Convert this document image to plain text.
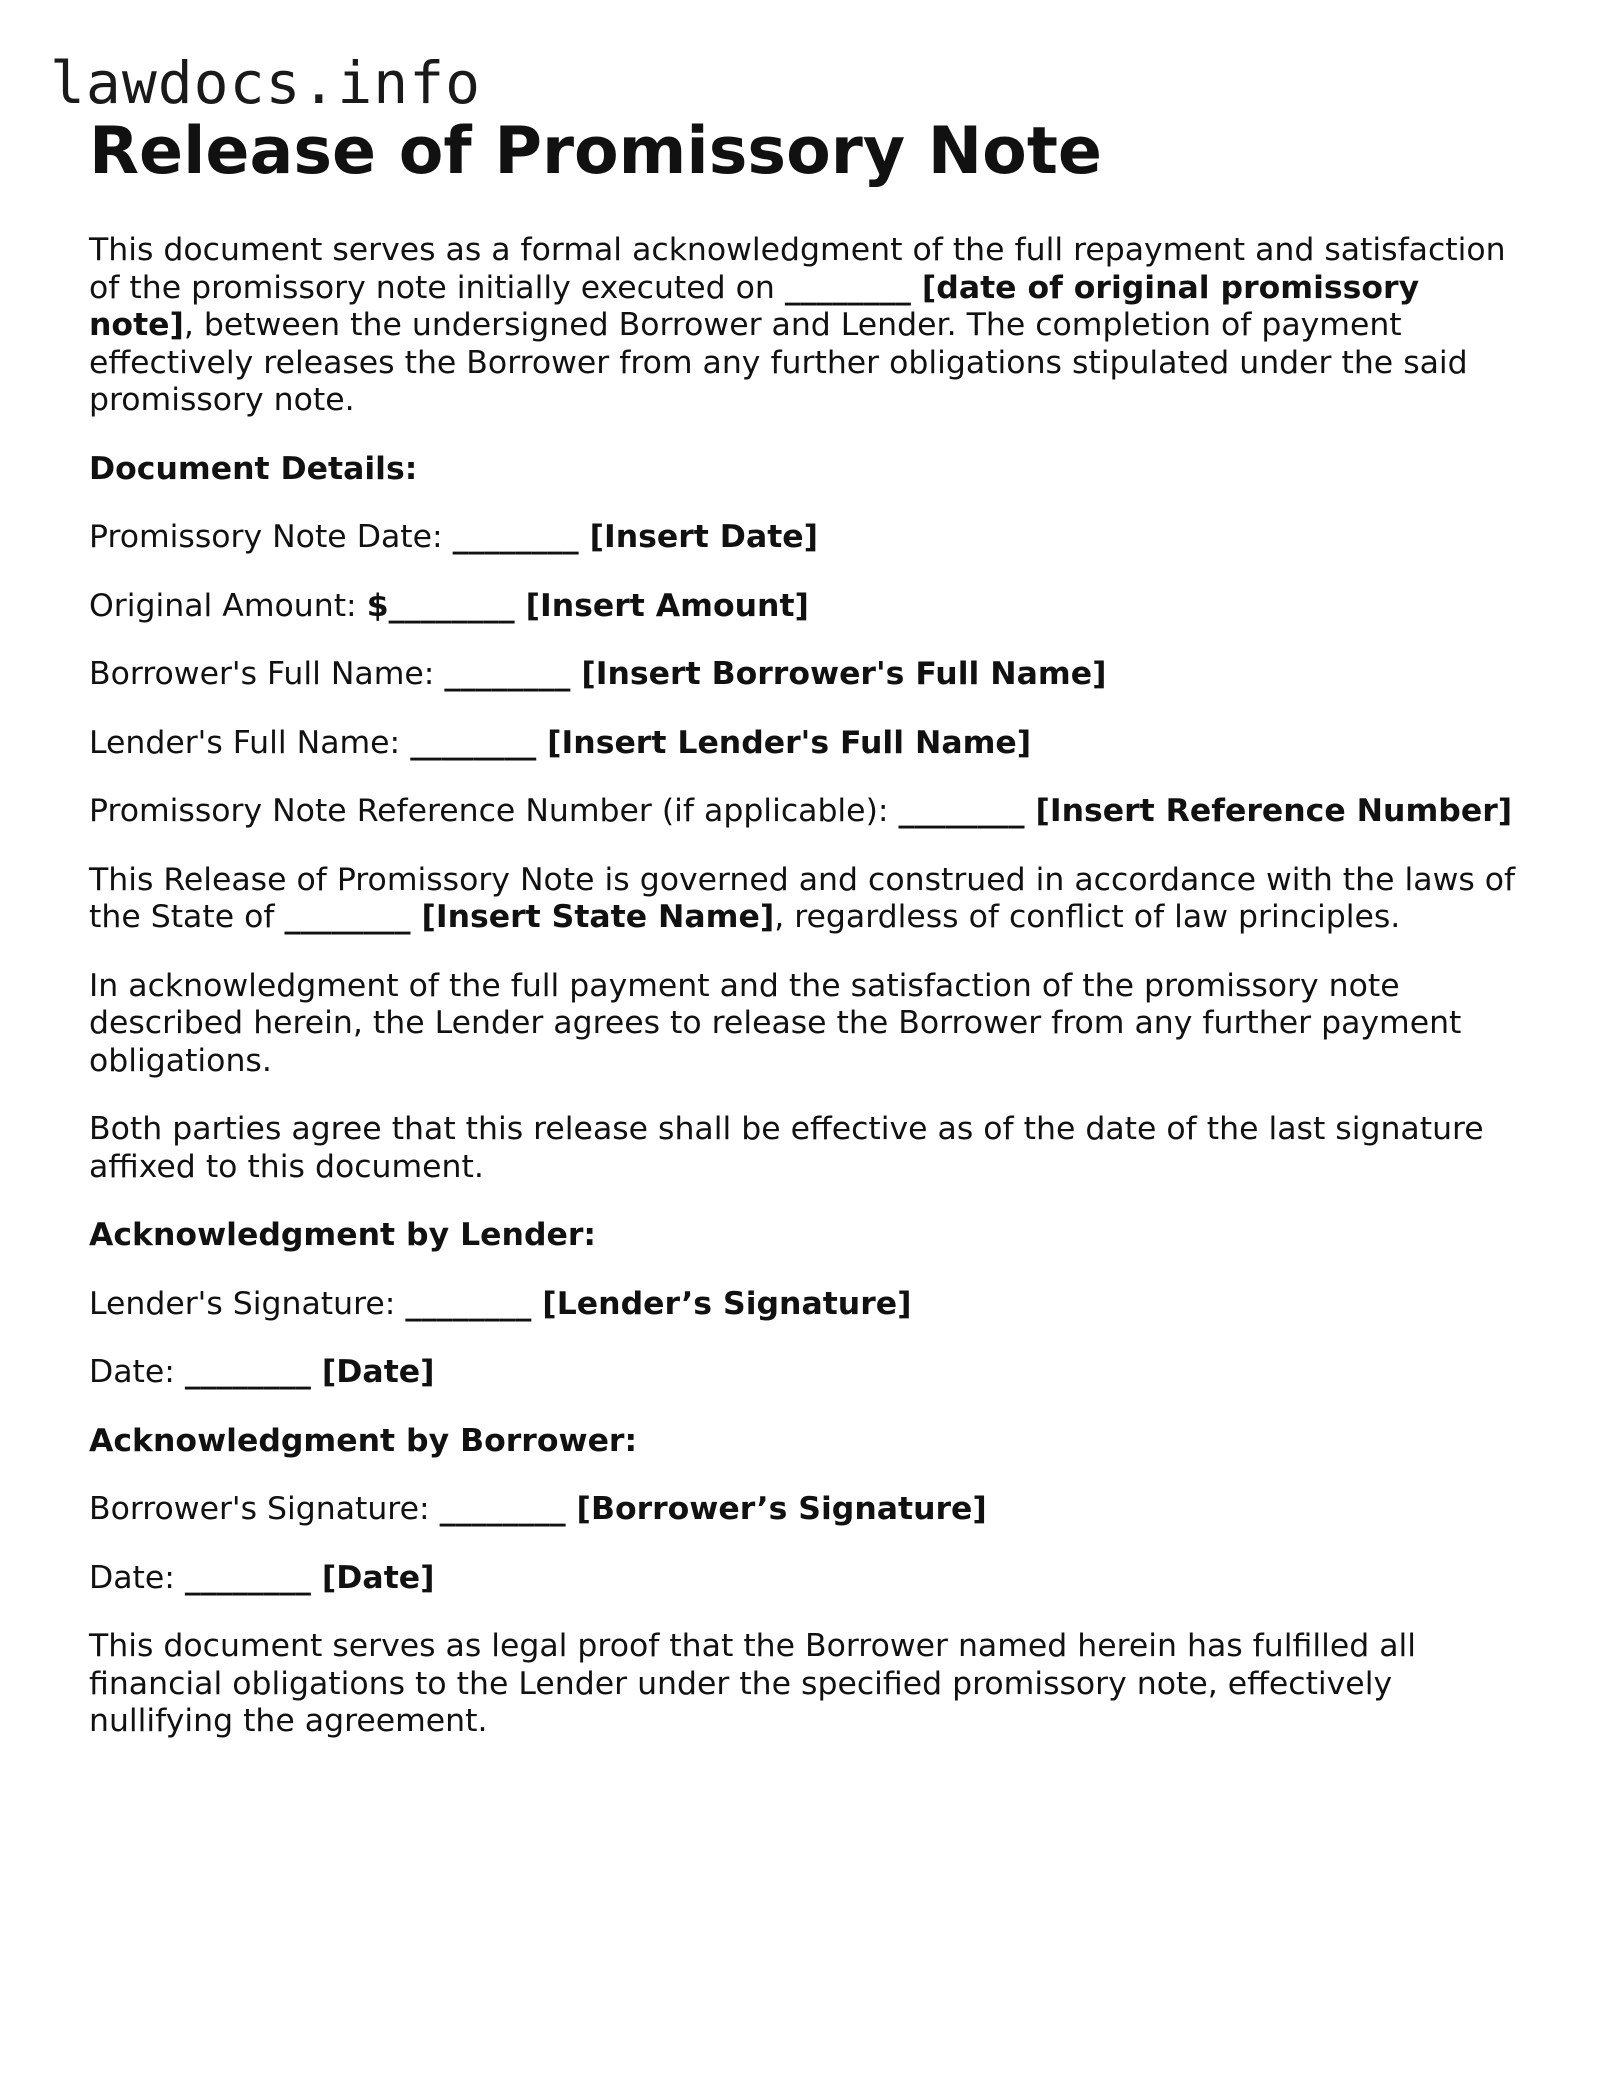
lawdocs.info
Release of Promissory Note

This document serves as a formal acknowledgment of the full repayment and satisfaction of the promissory note initially executed on ________ [date of original promissory note], between the undersigned Borrower and Lender. The completion of payment effectively releases the Borrower from any further obligations stipulated under the said promissory note.

Document Details:

Promissory Note Date: ________ [Insert Date]

Original Amount: $________ [Insert Amount]

Borrower's Full Name: ________ [Insert Borrower's Full Name]

Lender's Full Name: ________ [Insert Lender's Full Name]

Promissory Note Reference Number (if applicable): ________ [Insert Reference Number]

This Release of Promissory Note is governed and construed in accordance with the laws of the State of ________ [Insert State Name], regardless of conflict of law principles.

In acknowledgment of the full payment and the satisfaction of the promissory note described herein, the Lender agrees to release the Borrower from any further payment obligations.

Both parties agree that this release shall be effective as of the date of the last signature affixed to this document.

Acknowledgment by Lender:

Lender's Signature: ________ [Lender’s Signature]

Date: ________ [Date]

Acknowledgment by Borrower:

Borrower's Signature: ________ [Borrower’s Signature]

Date: ________ [Date]

This document serves as legal proof that the Borrower named herein has fulfilled all financial obligations to the Lender under the specified promissory note, effectively nullifying the agreement.
